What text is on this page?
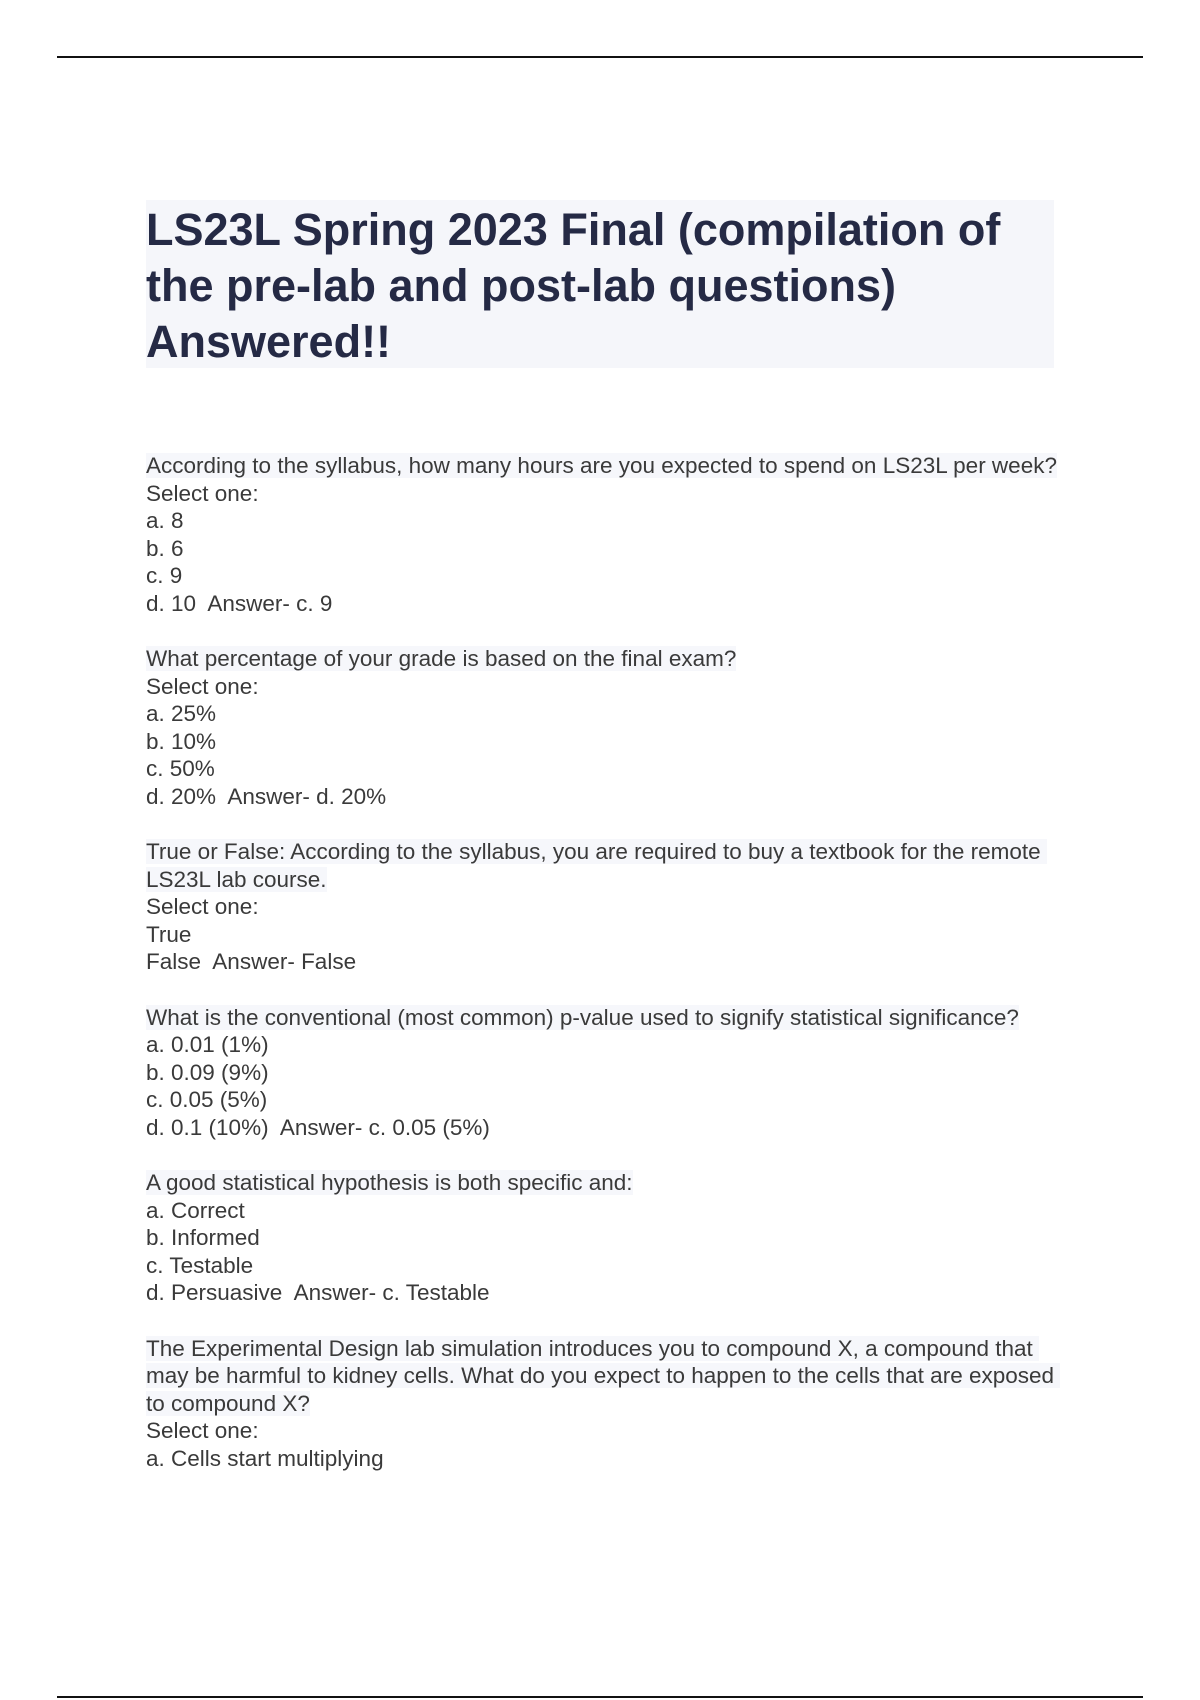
LS23L Spring 2023 Final (compilation of the pre-lab and post-lab questions) Answered!!
According to the syllabus, how many hours are you expected to spend on LS23L per week?
Select one:
a. 8
b. 6
c. 9
d. 10 Answer- c. 9
What percentage of your grade is based on the final exam?
Select one:
a. 25%
b. 10%
c. 50%
d. 20% Answer- d. 20%
True or False: According to the syllabus, you are required to buy a textbook for the remote LS23L lab course.
Select one:
True
False Answer- False
What is the conventional (most common) p-value used to signify statistical significance?
a. 0.01 (1%)
b. 0.09 (9%)
c. 0.05 (5%)
d. 0.1 (10%) Answer- c. 0.05 (5%)
A good statistical hypothesis is both specific and:
a. Correct
b. Informed
c. Testable
d. Persuasive Answer- c. Testable
The Experimental Design lab simulation introduces you to compound X, a compound that may be harmful to kidney cells. What do you expect to happen to the cells that are exposed to compound X?
Select one:
a. Cells start multiplying
